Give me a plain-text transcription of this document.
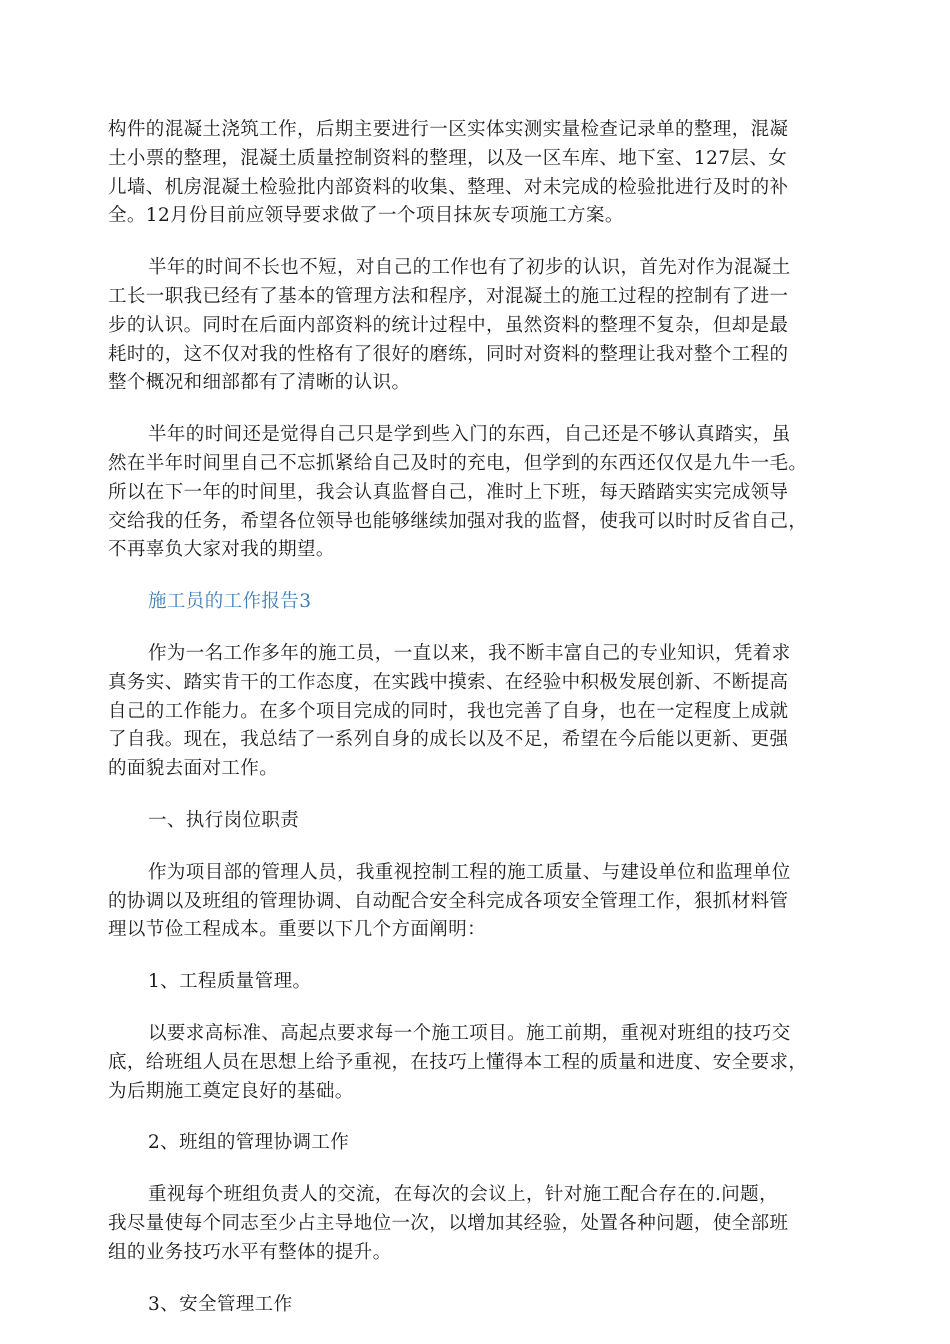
构件的混凝土浇筑工作，后期主要进行一区实体实测实量检查记录单的整理，混凝
土小票的整理，混凝土质量控制资料的整理，以及一区车库、地下室、127层、女
儿墙、机房混凝土检验批内部资料的收集、整理、对未完成的检验批进行及时的补
全。12月份目前应领导要求做了一个项目抹灰专项施工方案。

半年的时间不长也不短，对自己的工作也有了初步的认识，首先对作为混凝土
工长一职我已经有了基本的管理方法和程序，对混凝土的施工过程的控制有了进一
步的认识。同时在后面内部资料的统计过程中，虽然资料的整理不复杂，但却是最
耗时的，这不仅对我的性格有了很好的磨练，同时对资料的整理让我对整个工程的
整个概况和细部都有了清晰的认识。

半年的时间还是觉得自己只是学到些入门的东西，自己还是不够认真踏实，虽
然在半年时间里自己不忘抓紧给自己及时的充电，但学到的东西还仅仅是九牛一毛。
所以在下一年的时间里，我会认真监督自己，准时上下班，每天踏踏实实完成领导
交给我的任务，希望各位领导也能够继续加强对我的监督，使我可以时时反省自己，
不再辜负大家对我的期望。

施工员的工作报告3

作为一名工作多年的施工员，一直以来，我不断丰富自己的专业知识，凭着求
真务实、踏实肯干的工作态度，在实践中摸索、在经验中积极发展创新、不断提高
自己的工作能力。在多个项目完成的同时，我也完善了自身，也在一定程度上成就
了自我。现在，我总结了一系列自身的成长以及不足，希望在今后能以更新、更强
的面貌去面对工作。

一、执行岗位职责

作为项目部的管理人员，我重视控制工程的施工质量、与建设单位和监理单位
的协调以及班组的管理协调、自动配合安全科完成各项安全管理工作，狠抓材料管
理以节俭工程成本。重要以下几个方面阐明：

1、工程质量管理。

以要求高标准、高起点要求每一个施工项目。施工前期，重视对班组的技巧交
底，给班组人员在思想上给予重视，在技巧上懂得本工程的质量和进度、安全要求，
为后期施工奠定良好的基础。

2、班组的管理协调工作

重视每个班组负责人的交流，在每次的会议上，针对施工配合存在的.问题，
我尽量使每个同志至少占主导地位一次，以增加其经验，处置各种问题，使全部班
组的业务技巧水平有整体的提升。

3、安全管理工作
